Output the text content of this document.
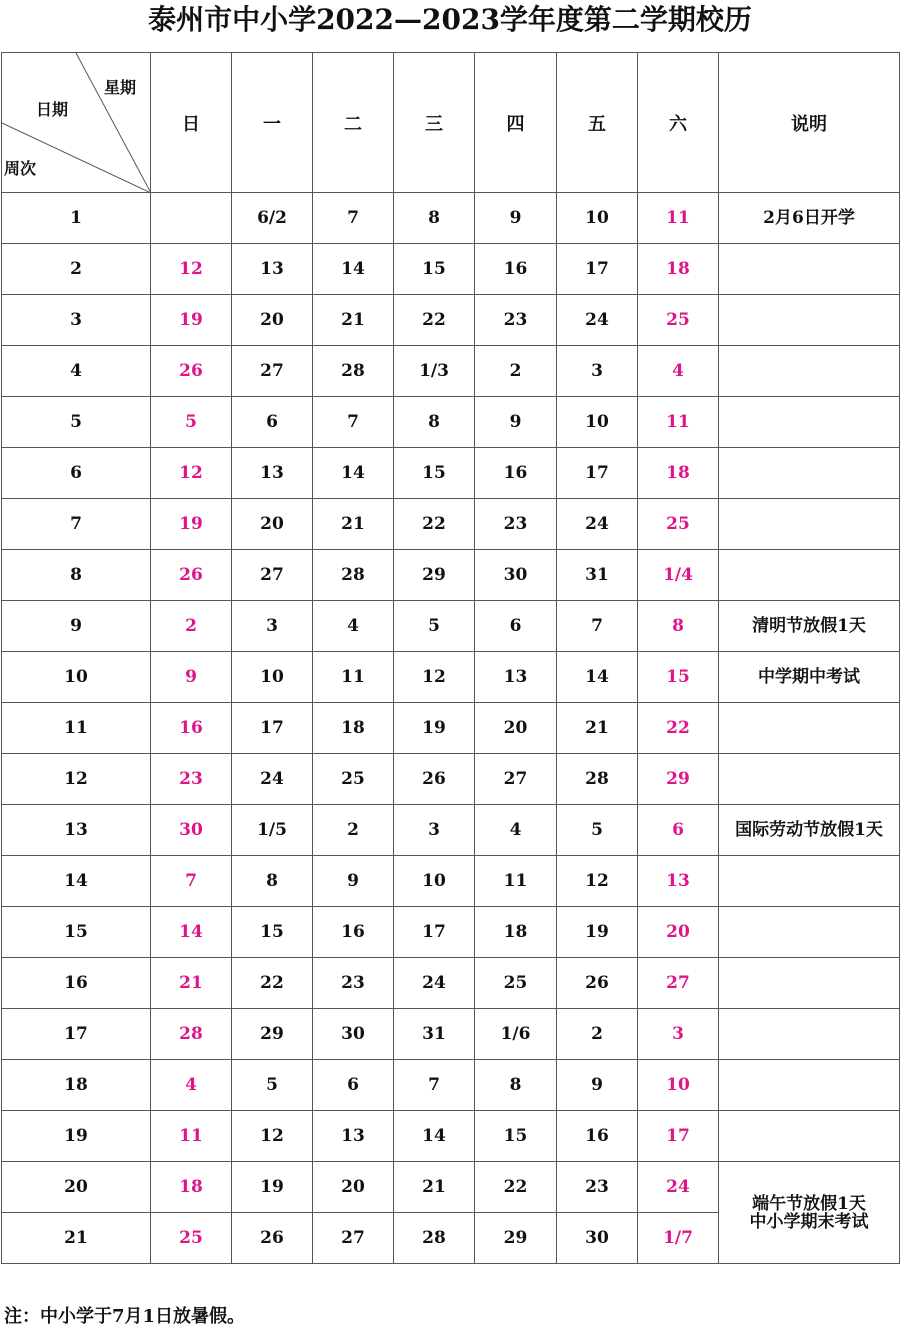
泰州市中小学2022—2023学年度第二学期校历
星期
日期
周次	日	一	二	三	四	五	六	说明
1		6/2	7	8	9	10	11	2月6日开学
2	12	13	14	15	16	17	18	
3	19	20	21	22	23	24	25	
4	26	27	28	1/3	2	3	4	
5	5	6	7	8	9	10	11	
6	12	13	14	15	16	17	18	
7	19	20	21	22	23	24	25	
8	26	27	28	29	30	31	1/4	
9	2	3	4	5	6	7	8	清明节放假1天
10	9	10	11	12	13	14	15	中学期中考试
11	16	17	18	19	20	21	22	
12	23	24	25	26	27	28	29	
13	30	1/5	2	3	4	5	6	国际劳动节放假1天
14	7	8	9	10	11	12	13	
15	14	15	16	17	18	19	20	
16	21	22	23	24	25	26	27	
17	28	29	30	31	1/6	2	3	
18	4	5	6	7	8	9	10	
19	11	12	13	14	15	16	17	
20	18	19	20	21	22	23	24	端午节放假1天
中小学期末考试

21	25	26	27	28	29	30	1/7	
注：中小学于7月1日放暑假。
